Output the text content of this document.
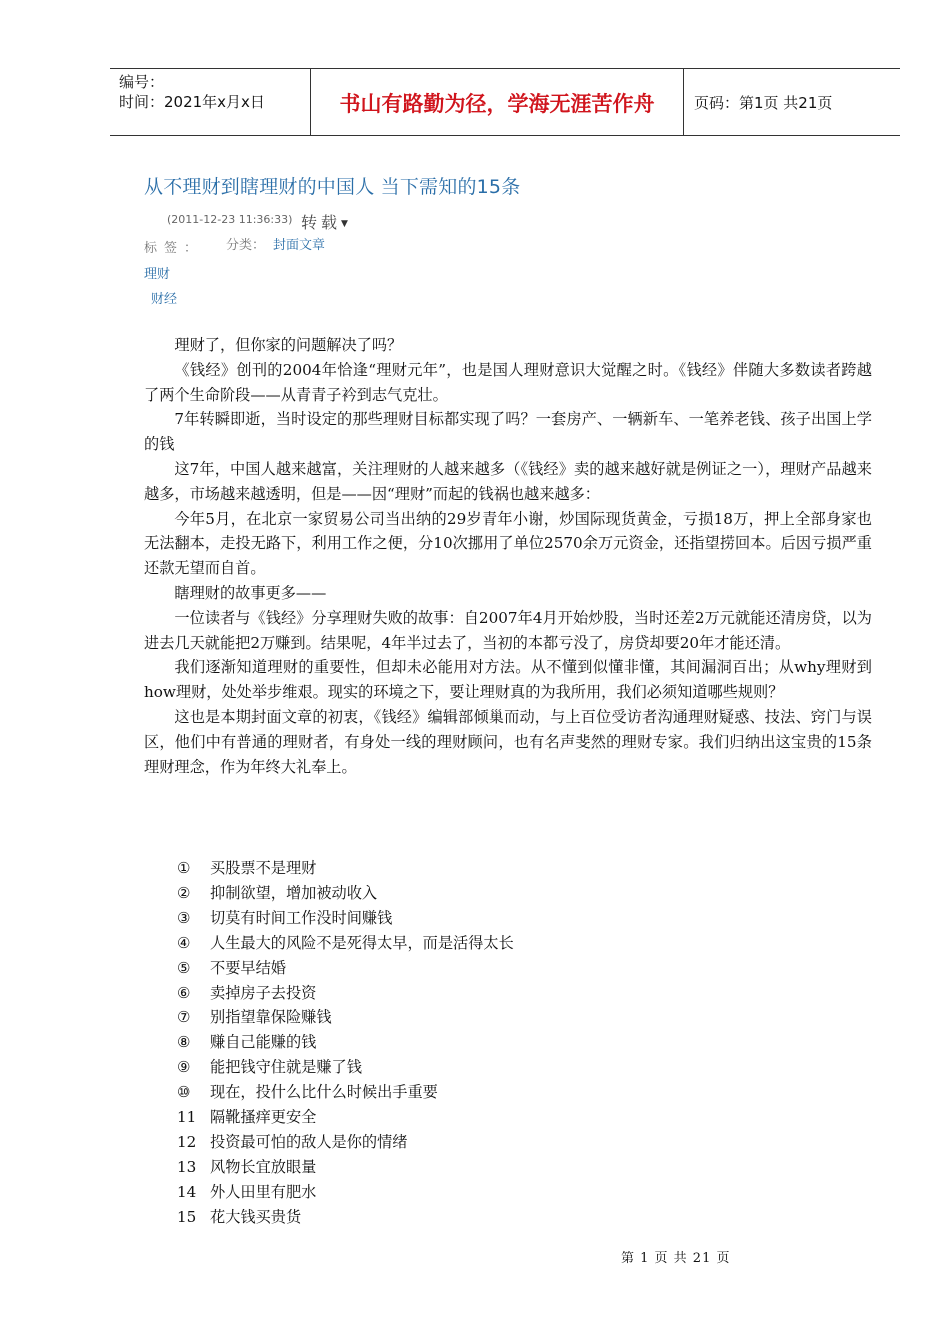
编号：
时间：2021年x月x日	书山有路勤为径，学海无涯苦作舟	页码：第1页 共21页
从不理财到瞎理财的中国人 当下需知的15条
(2011-12-23 11:36:33) 转载▼
标签： 分类： 封面文章
理财
财经

理财了，但你家的问题解决了吗？

《钱经》创刊的2004年恰逢“理财元年”，也是国人理财意识大觉醒之时。《钱经》伴随大多数读者跨越了两个生命阶段——从青青子衿到志气克壮。

7年转瞬即逝，当时设定的那些理财目标都实现了吗？一套房产、一辆新车、一笔养老钱、孩子出国上学的钱

这7年，中国人越来越富，关注理财的人越来越多（《钱经》卖的越来越好就是例证之一），理财产品越来越多，市场越来越透明，但是——因“理财”而起的钱祸也越来越多：

今年5月，在北京一家贸易公司当出纳的29岁青年小谢，炒国际现货黄金，亏损18万，押上全部身家也无法翻本，走投无路下，利用工作之便，分10次挪用了单位2570余万元资金，还指望捞回本。后因亏损严重还款无望而自首。

瞎理财的故事更多——

一位读者与《钱经》分享理财失败的故事：自2007年4月开始炒股，当时还差2万元就能还清房贷，以为进去几天就能把2万赚到。结果呢，4年半过去了，当初的本都亏没了，房贷却要20年才能还清。

我们逐渐知道理财的重要性，但却未必能用对方法。从不懂到似懂非懂，其间漏洞百出；从why理财到how理财，处处举步维艰。现实的环境之下，要让理财真的为我所用，我们必须知道哪些规则？

这也是本期封面文章的初衷，《钱经》编辑部倾巢而动，与上百位受访者沟通理财疑惑、技法、窍门与误区，他们中有普通的理财者，有身处一线的理财顾问，也有名声斐然的理财专家。我们归纳出这宝贵的15条理财理念，作为年终大礼奉上。

①	买股票不是理财
②	抑制欲望，增加被动收入
③	切莫有时间工作没时间赚钱
④	人生最大的风险不是死得太早，而是活得太长
⑤	不要早结婚
⑥	卖掉房子去投资
⑦	别指望靠保险赚钱
⑧	赚自己能赚的钱
⑨	能把钱守住就是赚了钱
⑩	现在，投什么比什么时候出手重要
11 隔靴搔痒更安全
12 投资最可怕的敌人是你的情绪
13 风物长宜放眼量
14 外人田里有肥水
15 花大钱买贵货
第 1 页 共 21 页
